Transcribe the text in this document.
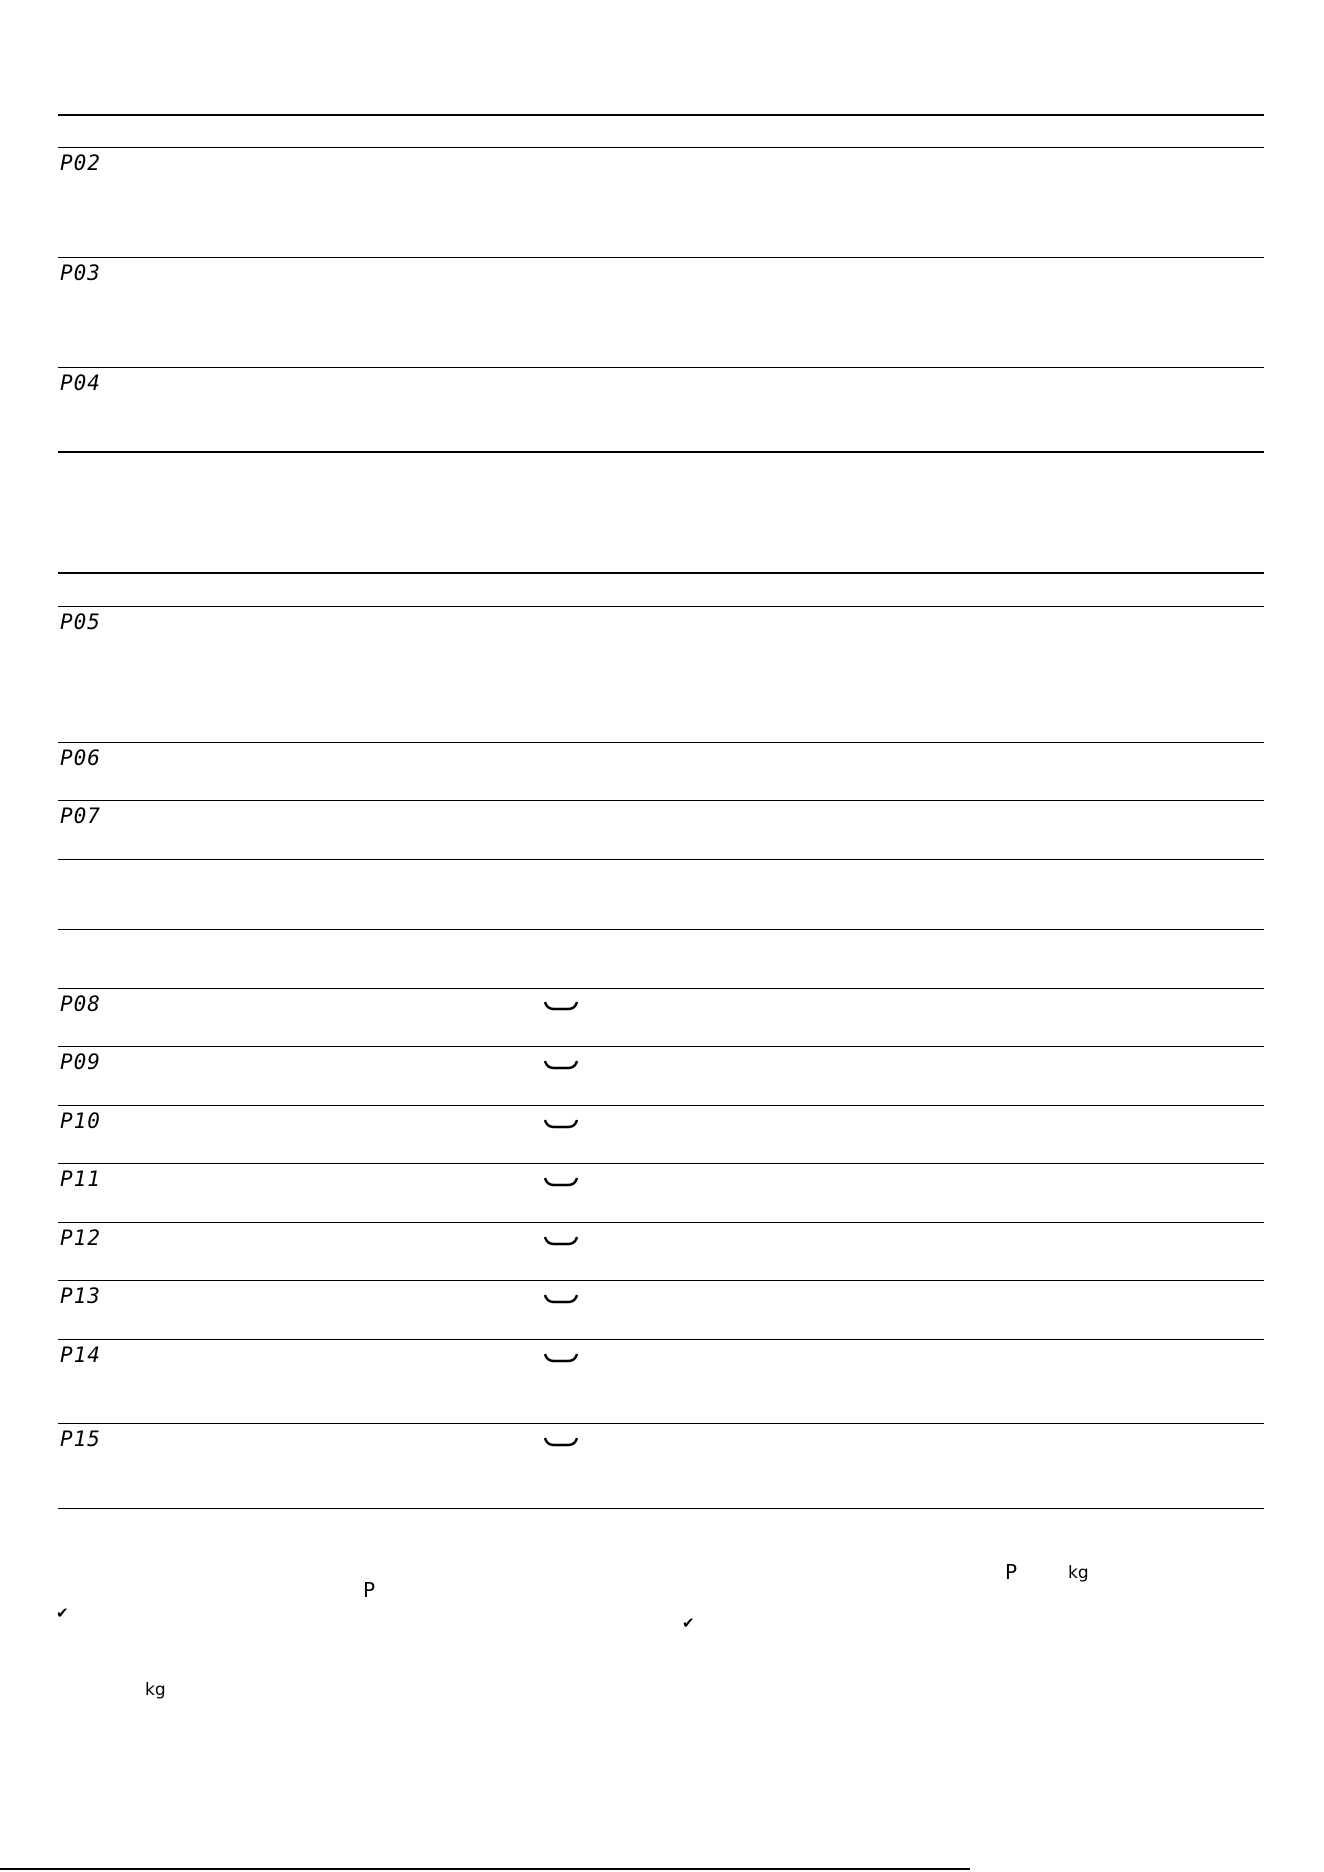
P02
P03
P04
P05
P06
P07
P08
P09
P10
P11
P12
P13
P14
P15
P
✔
kg
P	kg
✔
